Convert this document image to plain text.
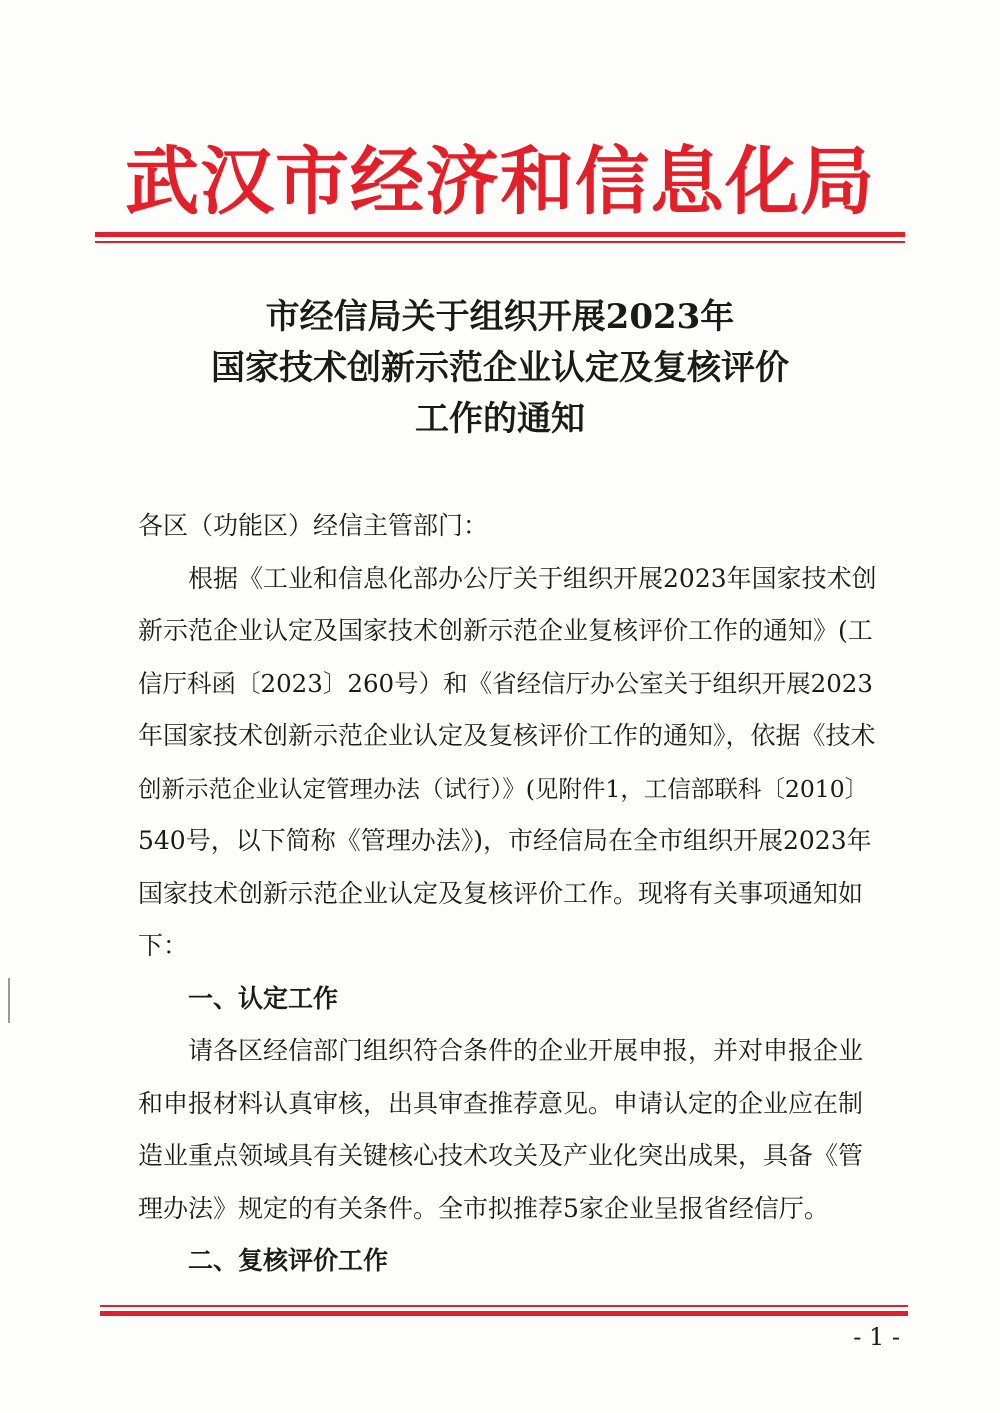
武汉市经济和信息化局
市经信局关于组织开展2023年
国家技术创新示范企业认定及复核评价
工作的通知
各区（功能区）经信主管部门：
根据《工业和信息化部办公厅关于组织开展2023年国家技术创
新示范企业认定及国家技术创新示范企业复核评价工作的通知》(工
信厅科函〔2023〕260号）和《省经信厅办公室关于组织开展2023
年国家技术创新示范企业认定及复核评价工作的通知》，依据《技术
创新示范企业认定管理办法（试行）》(见附件1，工信部联科〔2010〕
540号，以下简称《管理办法》)，市经信局在全市组织开展2023年
国家技术创新示范企业认定及复核评价工作。现将有关事项通知如
下：
一、认定工作
请各区经信部门组织符合条件的企业开展申报，并对申报企业
和申报材料认真审核，出具审查推荐意见。申请认定的企业应在制
造业重点领域具有关键核心技术攻关及产业化突出成果，具备《管
理办法》规定的有关条件。全市拟推荐5家企业呈报省经信厅。
二、复核评价工作
- 1 -
